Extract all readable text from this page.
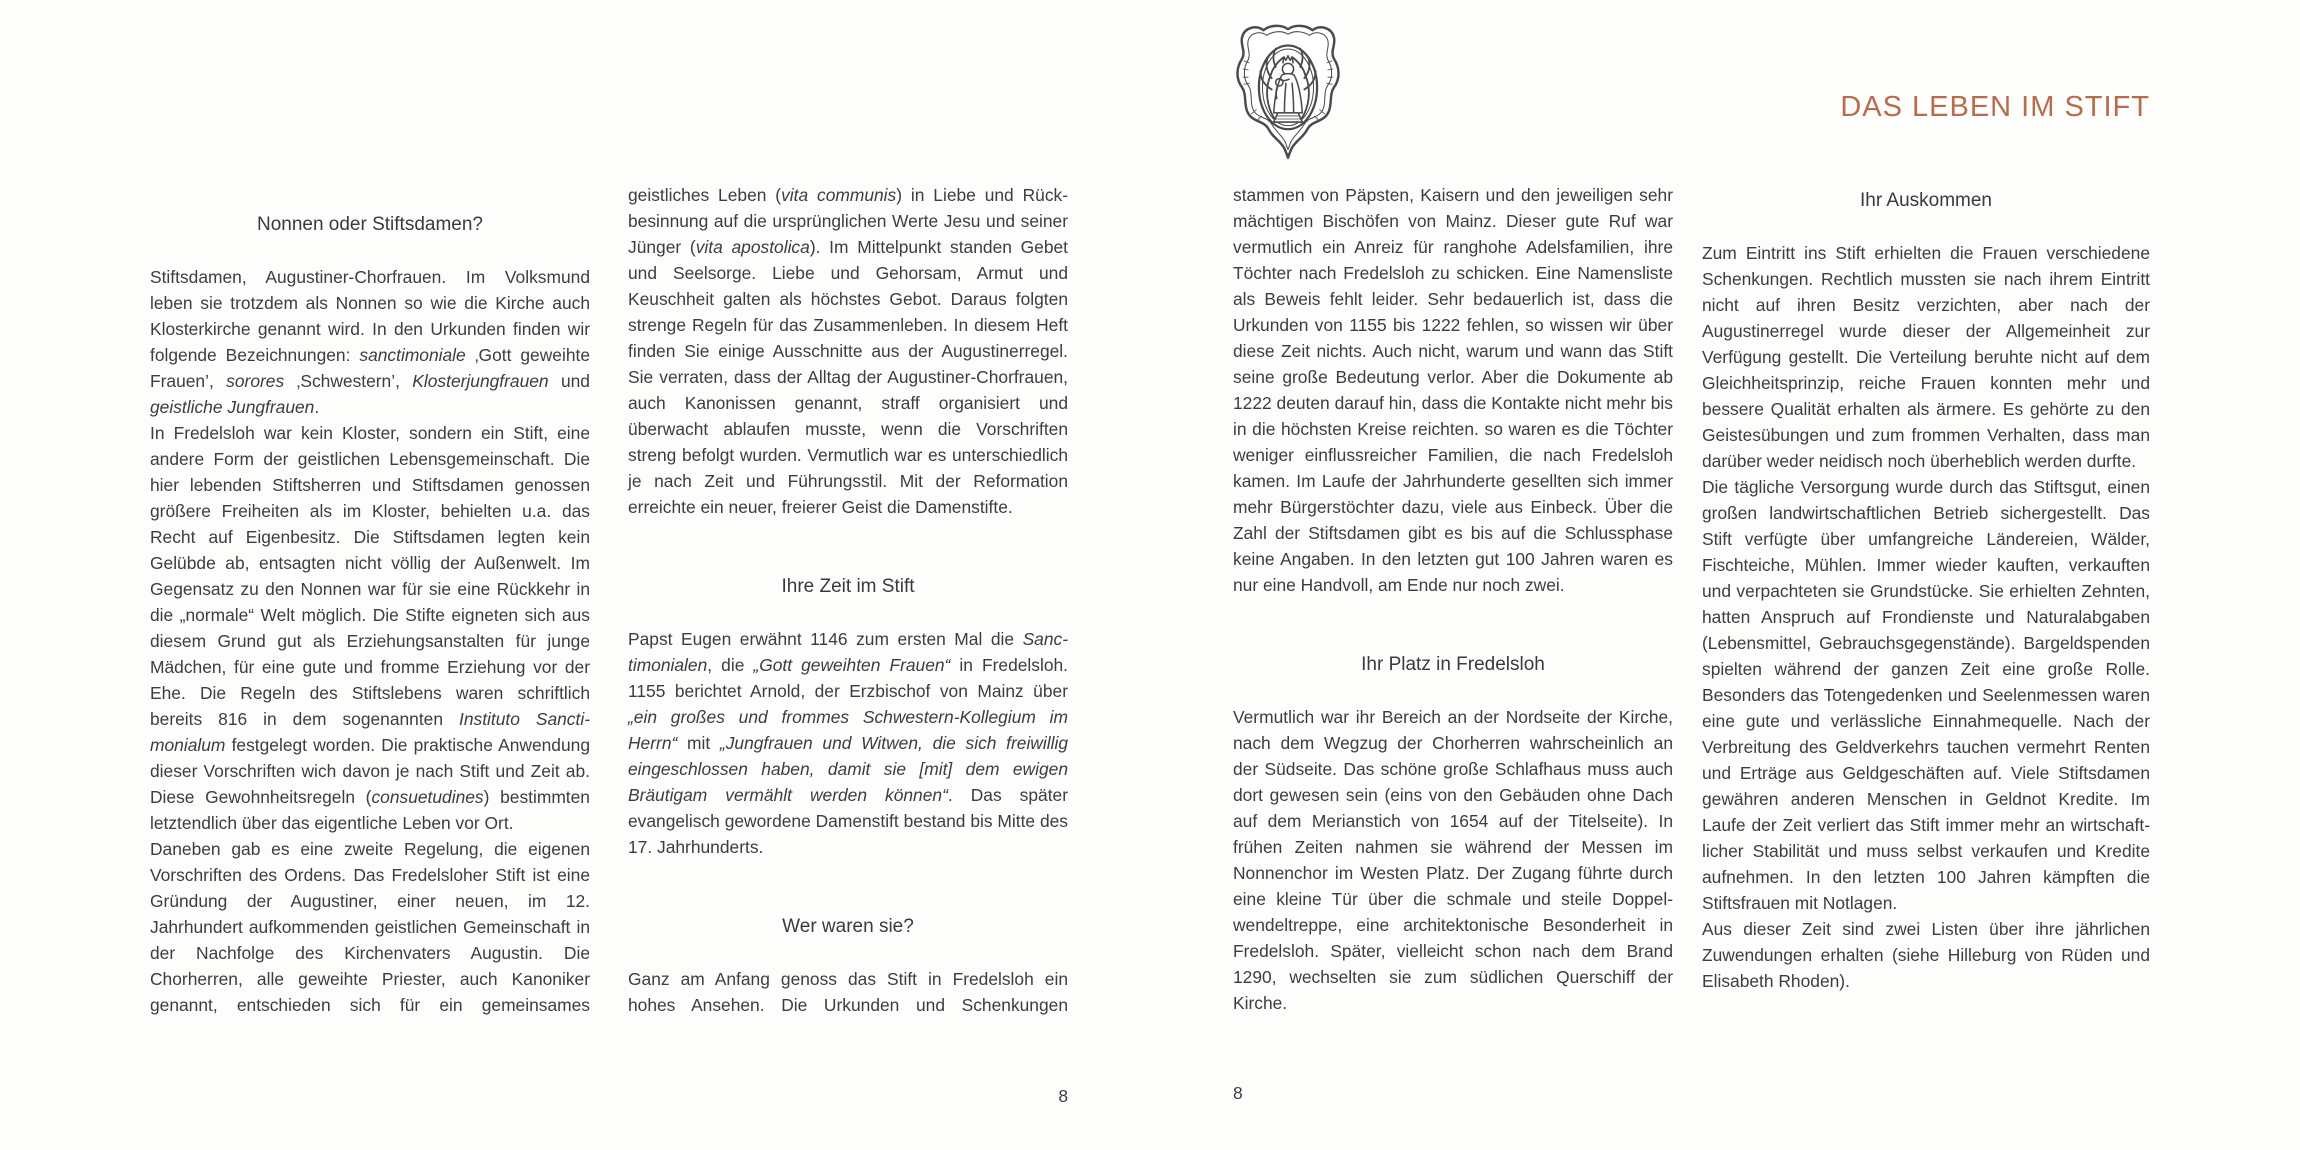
DAS LEBEN IM STIFT
Nonnen oder Stiftsdamen?

Stiftsdamen, Augustiner-Chorfrauen. Im Volksmund leben sie trotzdem als Nonnen so wie die Kirche auch Klosterkirche genannt wird. In den Urkunden finden wir folgende Bezeichnungen: sanctimoniale ‚Gott geweihte Frauen’, sorores ‚Schwestern’, Klosterjungfrauen und geistliche Jungfrauen.

In Fredelsloh war kein Kloster, sondern ein Stift, eine andere Form der geistlichen Lebensgemeinschaft. Die hier lebenden Stiftsherren und Stiftsdamen genossen größere Freiheiten als im Kloster, behielten u.a. das Recht auf Eigenbesitz. Die Stiftsdamen legten kein Gelübde ab, entsagten nicht völlig der Außenwelt. Im Gegensatz zu den Nonnen war für sie eine Rückkehr in die „normale“ Welt möglich. Die Stifte eigneten sich aus diesem Grund gut als Erziehungsanstalten für junge Mädchen, für eine gute und fromme Erziehung vor der Ehe. Die Regeln des Stiftslebens waren schriftlich bereits 816 in dem sogenannten Instituto Sanctimonialum festgelegt worden. Die praktische Anwendung dieser Vorschriften wich davon je nach Stift und Zeit ab. Diese Gewohnheitsregeln (consuetudines) bestimmten letztendlich über das eigentliche Leben vor Ort.

Daneben gab es eine zweite Regelung, die eigenen Vorschriften des Ordens. Das Fredelsloher Stift ist eine Gründung der Augustiner, einer neuen, im 12. Jahrhundert aufkommenden geistlichen Gemeinschaft in der Nachfolge des Kirchenvaters Augustin. Die Chorherren, alle geweihte Priester, auch Kanoniker genannt, entschieden sich für ein gemeinsames

geistliches Leben (vita communis) in Liebe und Rückbesinnung auf die ursprünglichen Werte Jesu und seiner Jünger (vita apostolica). Im Mittelpunkt standen Gebet und Seelsorge. Liebe und Gehorsam, Armut und Keuschheit galten als höchstes Gebot. Daraus folgten strenge Regeln für das Zusammenleben. In diesem Heft finden Sie einige Ausschnitte aus der Augustinerregel. Sie verraten, dass der Alltag der Augustiner-Chorfrauen, auch Kanonissen genannt, straff organisiert und überwacht ablaufen musste, wenn die Vorschriften streng befolgt wurden. Vermutlich war es unterschiedlich je nach Zeit und Führungsstil. Mit der Reformation erreichte ein neuer, freierer Geist die Damenstifte.

Ihre Zeit im Stift

Papst Eugen erwähnt 1146 zum ersten Mal die Sanctimonialen, die „Gott geweihten Frauen“ in Fredelsloh. 1155 berichtet Arnold, der Erzbischof von Mainz über „ein großes und frommes Schwestern-Kollegium im Herrn“ mit „Jungfrauen und Witwen, die sich freiwillig eingeschlossen haben, damit sie [mit] dem ewigen Bräutigam vermählt werden können“. Das später evangelisch gewordene Damenstift bestand bis Mitte des 17. Jahrhunderts.

Wer waren sie?

Ganz am Anfang genoss das Stift in Fredelsloh ein hohes Ansehen. Die Urkunden und Schenkungen

stammen von Päpsten, Kaisern und den jeweiligen sehr mächtigen Bischöfen von Mainz. Dieser gute Ruf war vermutlich ein Anreiz für ranghohe Adelsfamilien, ihre Töchter nach Fredelsloh zu schicken. Eine Namensliste als Beweis fehlt leider. Sehr bedauerlich ist, dass die Urkunden von 1155 bis 1222 fehlen, so wissen wir über diese Zeit nichts. Auch nicht, warum und wann das Stift seine große Bedeutung verlor. Aber die Dokumente ab 1222 deuten darauf hin, dass die Kontakte nicht mehr bis in die höchsten Kreise reichten. so waren es die Töchter weniger einflussreicher Familien, die nach Fredelsloh kamen. Im Laufe der Jahrhunderte gesellten sich immer mehr Bürgerstöchter dazu, viele aus Einbeck. Über die Zahl der Stiftsdamen gibt es bis auf die Schlussphase keine Angaben. In den letzten gut 100 Jahren waren es nur eine Handvoll, am Ende nur noch zwei.

Ihr Platz in Fredelsloh

Vermutlich war ihr Bereich an der Nordseite der Kirche, nach dem Wegzug der Chorherren wahrscheinlich an der Südseite. Das schöne große Schlafhaus muss auch dort gewesen sein (eins von den Gebäuden ohne Dach auf dem Merianstich von 1654 auf der Titelseite). In frühen Zeiten nahmen sie während der Messen im Nonnenchor im Westen Platz. Der Zugang führte durch eine kleine Tür über die schmale und steile Doppelwendeltreppe, eine architektonische Besonderheit in Fredelsloh. Später, vielleicht schon nach dem Brand 1290, wechselten sie zum südlichen Querschiff der Kirche.

Ihr Auskommen

Zum Eintritt ins Stift erhielten die Frauen verschiedene Schenkungen. Rechtlich mussten sie nach ihrem Eintritt nicht auf ihren Besitz verzichten, aber nach der Augustinerregel wurde dieser der Allgemeinheit zur Verfügung gestellt. Die Verteilung beruhte nicht auf dem Gleichheitsprinzip, reiche Frauen konnten mehr und bessere Qualität erhalten als ärmere. Es gehörte zu den Geistesübungen und zum frommen Verhalten, dass man darüber weder neidisch noch überheblich werden durfte.

Die tägliche Versorgung wurde durch das Stiftsgut, einen großen landwirtschaftlichen Betrieb sichergestellt. Das Stift verfügte über umfangreiche Ländereien, Wälder, Fischteiche, Mühlen. Immer wieder kauften, verkauften und verpachteten sie Grundstücke. Sie erhielten Zehnten, hatten Anspruch auf Frondienste und Naturalabgaben (Lebensmittel, Gebrauchsgegenstände). Bargeldspenden spielten während der ganzen Zeit eine große Rolle. Besonders das Totengedenken und Seelenmessen waren eine gute und verlässliche Einnahmequelle. Nach der Verbreitung des Geldverkehrs tauchen vermehrt Renten und Erträge aus Geldgeschäften auf. Viele Stiftsdamen gewähren anderen Menschen in Geldnot Kredite. Im Laufe der Zeit verliert das Stift immer mehr an wirtschaftlicher Stabilität und muss selbst verkaufen und Kredite aufnehmen. In den letzten 100 Jahren kämpften die Stiftsfrauen mit Notlagen.

Aus dieser Zeit sind zwei Listen über ihre jährlichen Zuwendungen erhalten (siehe Hilleburg von Rüden und Elisabeth Rhoden).

8	8
